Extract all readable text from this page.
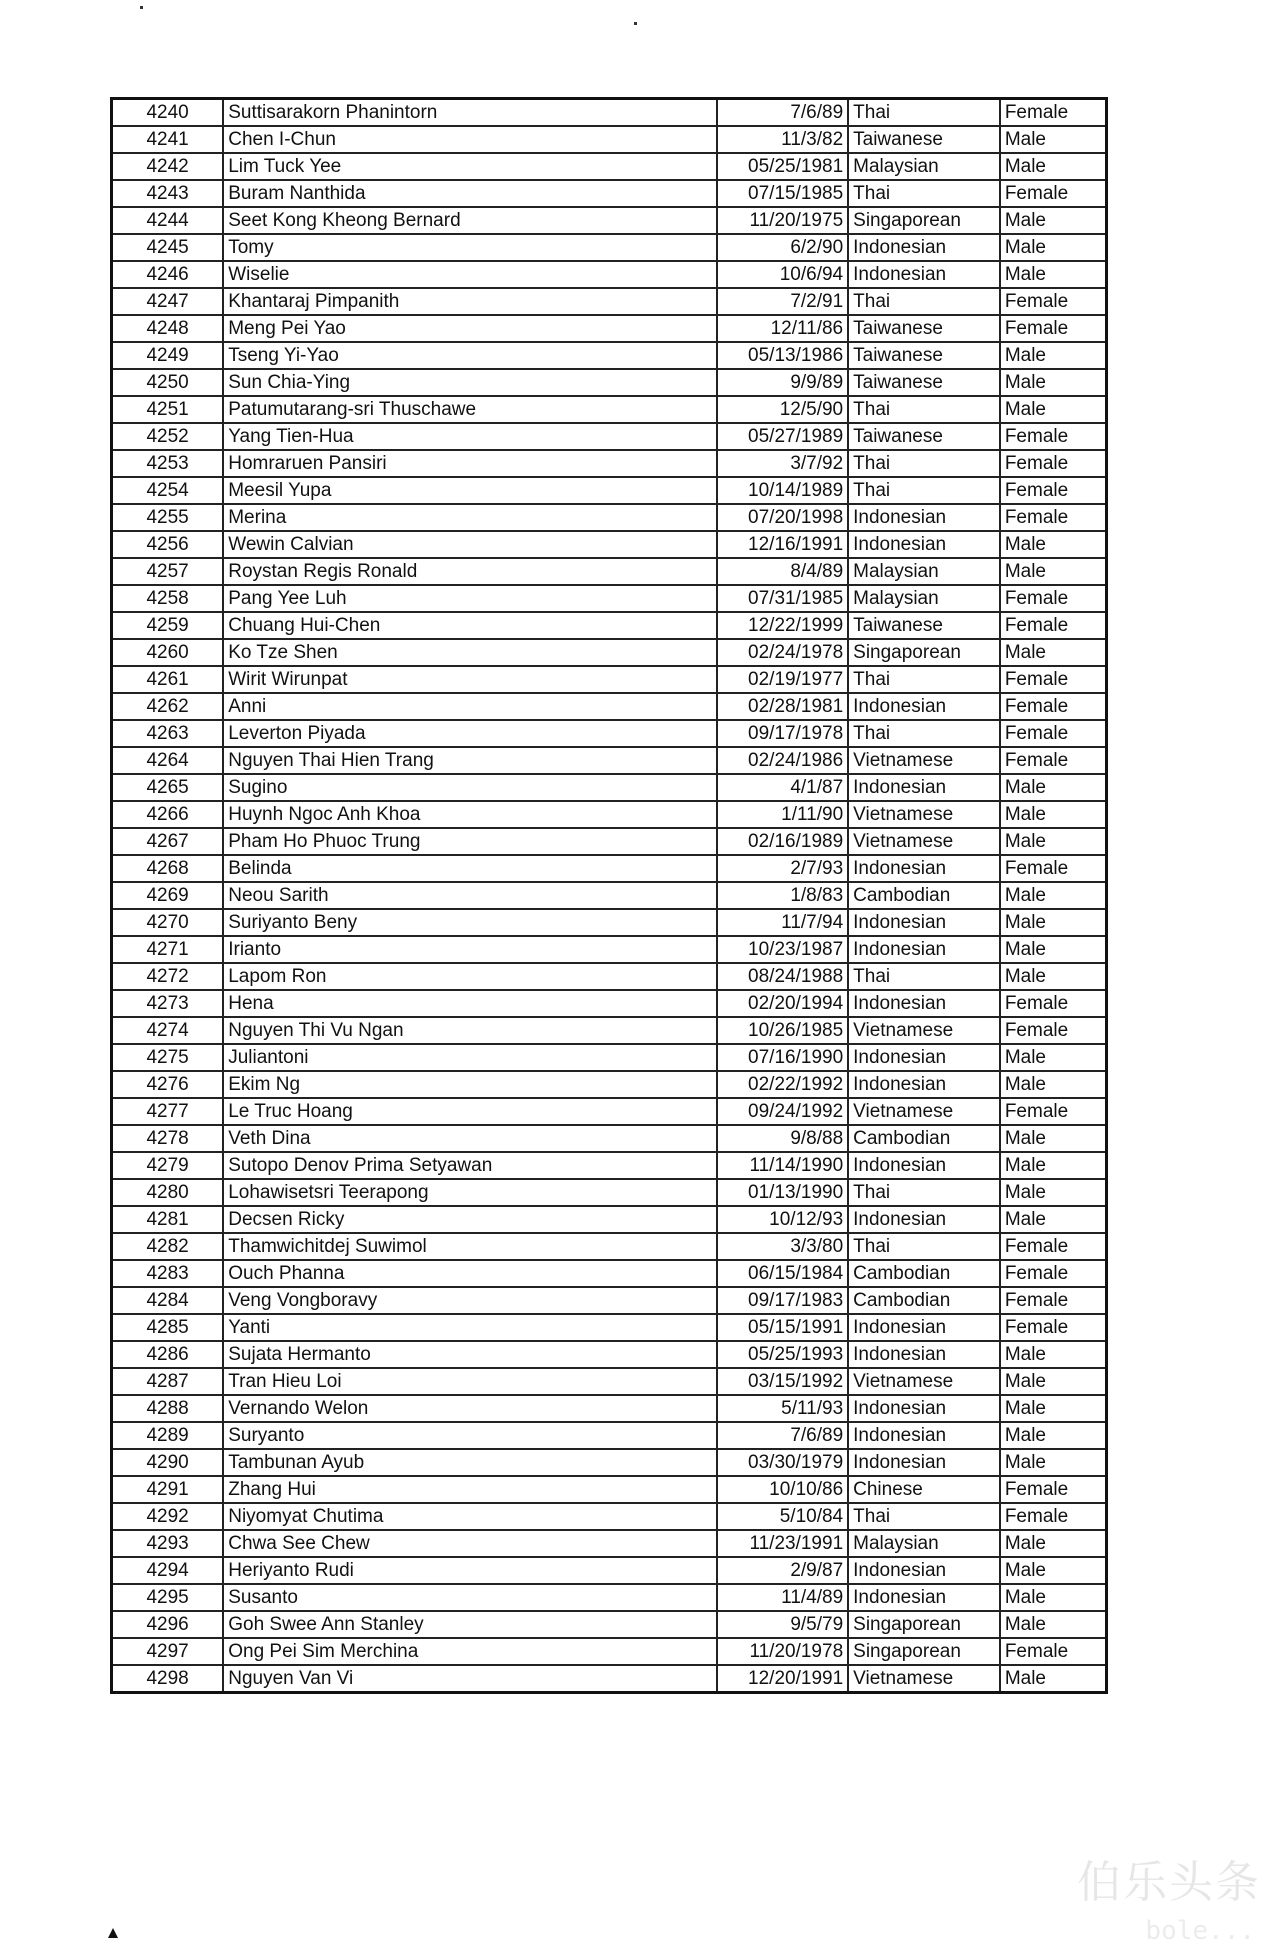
4240	Suttisarakorn Phanintorn	7/6/89	Thai	Female
4241	Chen I-Chun	11/3/82	Taiwanese	Male
4242	Lim Tuck Yee	05/25/1981	Malaysian	Male
4243	Buram Nanthida	07/15/1985	Thai	Female
4244	Seet Kong Kheong Bernard	11/20/1975	Singaporean	Male
4245	Tomy	6/2/90	Indonesian	Male
4246	Wiselie	10/6/94	Indonesian	Male
4247	Khantaraj Pimpanith	7/2/91	Thai	Female
4248	Meng Pei Yao	12/11/86	Taiwanese	Female
4249	Tseng Yi-Yao	05/13/1986	Taiwanese	Male
4250	Sun Chia-Ying	9/9/89	Taiwanese	Male
4251	Patumutarang-sri Thuschawe	12/5/90	Thai	Male
4252	Yang Tien-Hua	05/27/1989	Taiwanese	Female
4253	Homraruen Pansiri	3/7/92	Thai	Female
4254	Meesil Yupa	10/14/1989	Thai	Female
4255	Merina	07/20/1998	Indonesian	Female
4256	Wewin Calvian	12/16/1991	Indonesian	Male
4257	Roystan Regis Ronald	8/4/89	Malaysian	Male
4258	Pang Yee Luh	07/31/1985	Malaysian	Female
4259	Chuang Hui-Chen	12/22/1999	Taiwanese	Female
4260	Ko Tze Shen	02/24/1978	Singaporean	Male
4261	Wirit Wirunpat	02/19/1977	Thai	Female
4262	Anni	02/28/1981	Indonesian	Female
4263	Leverton Piyada	09/17/1978	Thai	Female
4264	Nguyen Thai Hien Trang	02/24/1986	Vietnamese	Female
4265	Sugino	4/1/87	Indonesian	Male
4266	Huynh Ngoc Anh Khoa	1/11/90	Vietnamese	Male
4267	Pham Ho Phuoc Trung	02/16/1989	Vietnamese	Male
4268	Belinda	2/7/93	Indonesian	Female
4269	Neou Sarith	1/8/83	Cambodian	Male
4270	Suriyanto Beny	11/7/94	Indonesian	Male
4271	Irianto	10/23/1987	Indonesian	Male
4272	Lapom Ron	08/24/1988	Thai	Male
4273	Hena	02/20/1994	Indonesian	Female
4274	Nguyen Thi Vu Ngan	10/26/1985	Vietnamese	Female
4275	Juliantoni	07/16/1990	Indonesian	Male
4276	Ekim Ng	02/22/1992	Indonesian	Male
4277	Le Truc Hoang	09/24/1992	Vietnamese	Female
4278	Veth Dina	9/8/88	Cambodian	Male
4279	Sutopo Denov Prima Setyawan	11/14/1990	Indonesian	Male
4280	Lohawisetsri Teerapong	01/13/1990	Thai	Male
4281	Decsen Ricky	10/12/93	Indonesian	Male
4282	Thamwichitdej Suwimol	3/3/80	Thai	Female
4283	Ouch Phanna	06/15/1984	Cambodian	Female
4284	Veng Vongboravy	09/17/1983	Cambodian	Female
4285	Yanti	05/15/1991	Indonesian	Female
4286	Sujata Hermanto	05/25/1993	Indonesian	Male
4287	Tran Hieu Loi	03/15/1992	Vietnamese	Male
4288	Vernando Welon	5/11/93	Indonesian	Male
4289	Suryanto	7/6/89	Indonesian	Male
4290	Tambunan Ayub	03/30/1979	Indonesian	Male
4291	Zhang Hui	10/10/86	Chinese	Female
4292	Niyomyat Chutima	5/10/84	Thai	Female
4293	Chwa See Chew	11/23/1991	Malaysian	Male
4294	Heriyanto Rudi	2/9/87	Indonesian	Male
4295	Susanto	11/4/89	Indonesian	Male
4296	Goh Swee Ann Stanley	9/5/79	Singaporean	Male
4297	Ong Pei Sim Merchina	11/20/1978	Singaporean	Female
4298	Nguyen Van Vi	12/20/1991	Vietnamese	Male
伯乐头条
bole...
